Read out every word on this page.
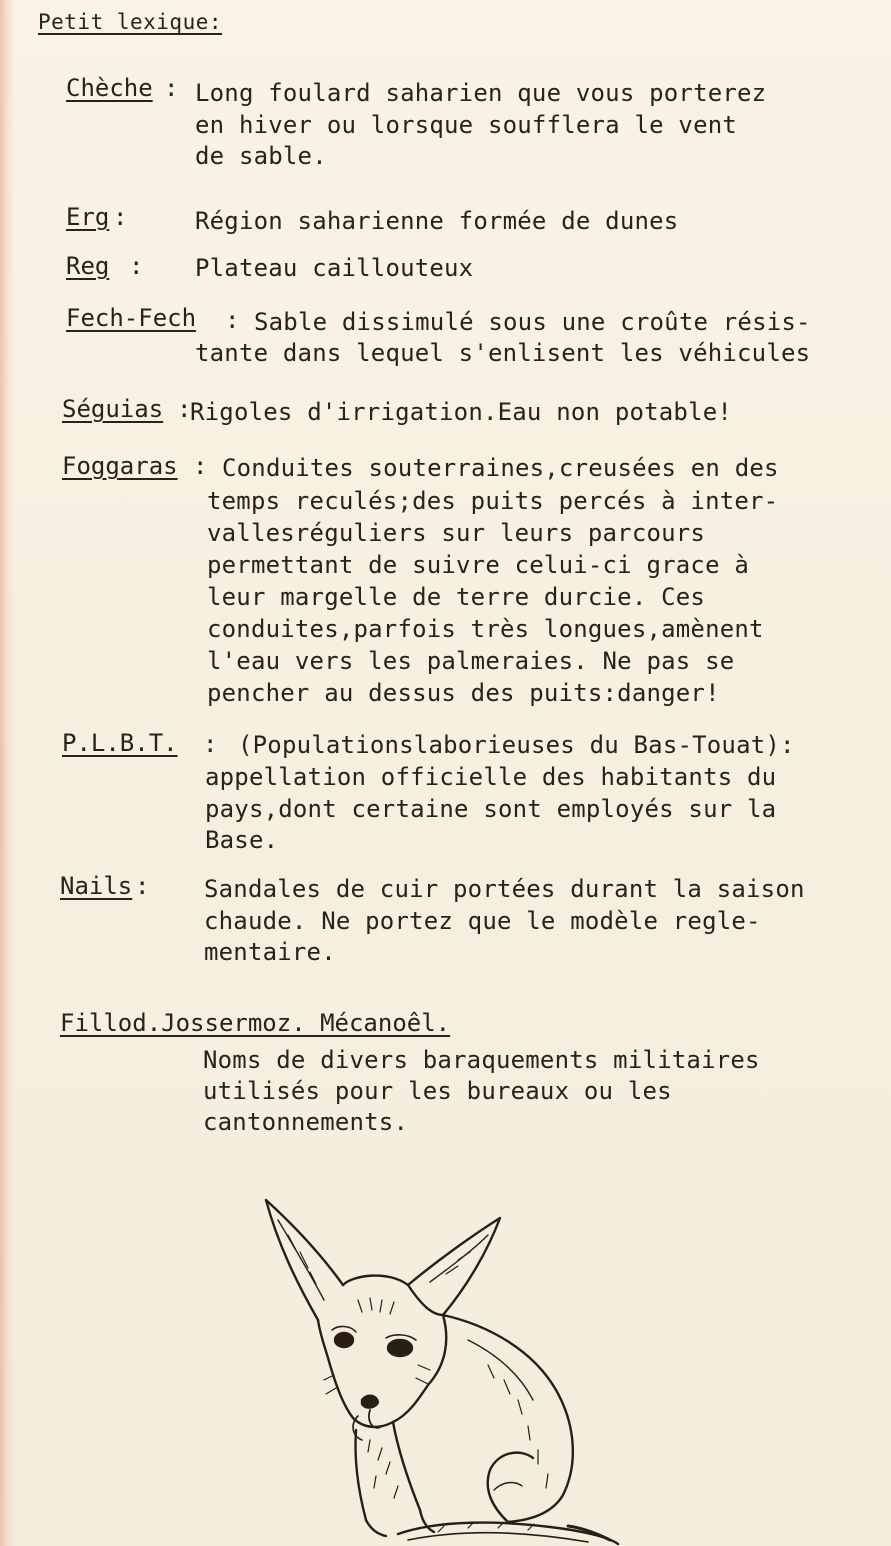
Petit lexique:
Chèche : Long foulard saharien que vous porterez
en hiver ou lorsque soufflera le vent
de sable.
Erg :	Région saharienne formée de dunes
Reg : Plateau caillouteux
Fech-Fech : Sable dissimulé sous une croûte résis-
tante dans lequel s'enlisent les véhicules
Séguias :
Rigoles d'irrigation.Eau non potable!
Foggaras : Conduites souterraines,creusées en des
temps reculés;des puits percés à inter-
vallesréguliers sur leurs parcours
permettant de suivre celui-ci grace à
leur margelle de terre durcie. Ces
conduites,parfois très longues,amènent
l'eau vers les palmeraies. Ne pas se
pencher au dessus des puits:danger!
P.L.B.T. : (Populationslaborieuses du Bas-Touat):
appellation officielle des habitants du
pays,dont certaine sont employés sur la
Base.
Nails : Sandales de cuir portées durant la saison
chaude. Ne portez que le modèle regle-
mentaire.
Fillod.Jossermoz. Mécanoêl.
Noms de divers baraquements militaires
utilisés pour les bureaux ou les
cantonnements.
